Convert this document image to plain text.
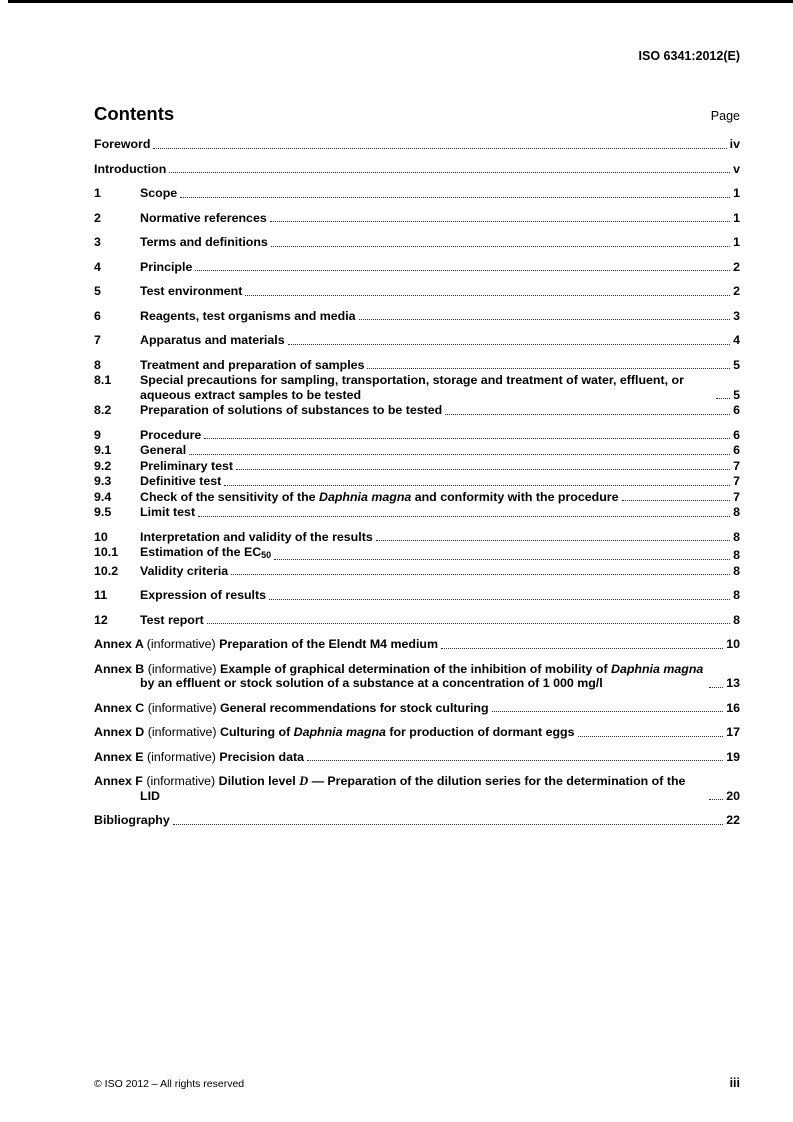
ISO 6341:2012(E)
Contents	Page
Foreword	iv
Introduction	v
1	Scope	1
2	Normative references	1
3	Terms and definitions	1
4	Principle	2
5	Test environment	2
6	Reagents, test organisms and media	3
7	Apparatus and materials	4
8	Treatment and preparation of samples	5
8.1	Special precautions for sampling, transportation, storage and treatment of water, effluent, or aqueous extract samples to be tested	5
8.2	Preparation of solutions of substances to be tested	6
9	Procedure	6
9.1	General	6
9.2	Preliminary test	7
9.3	Definitive test	7
9.4	Check of the sensitivity of the Daphnia magna and conformity with the procedure	7
9.5	Limit test	8
10	Interpretation and validity of the results	8
10.1	Estimation of the $EC_{50}$	8
10.2	Validity criteria	8
11	Expression of results	8
12	Test report	8
Annex A (informative) Preparation of the Elendt M4 medium	10
Annex B (informative) Example of graphical determination of the inhibition of mobility of Daphnia magna by an effluent or stock solution of a substance at a concentration of 1 000 mg/l	13
Annex C (informative) General recommendations for stock culturing	16
Annex D (informative) Culturing of Daphnia magna for production of dormant eggs	17
Annex E (informative) Precision data	19
Annex F (informative) Dilution level D — Preparation of the dilution series for the determination of the LID	20
Bibliography	22
© ISO 2012 – All rights reserved	iii
